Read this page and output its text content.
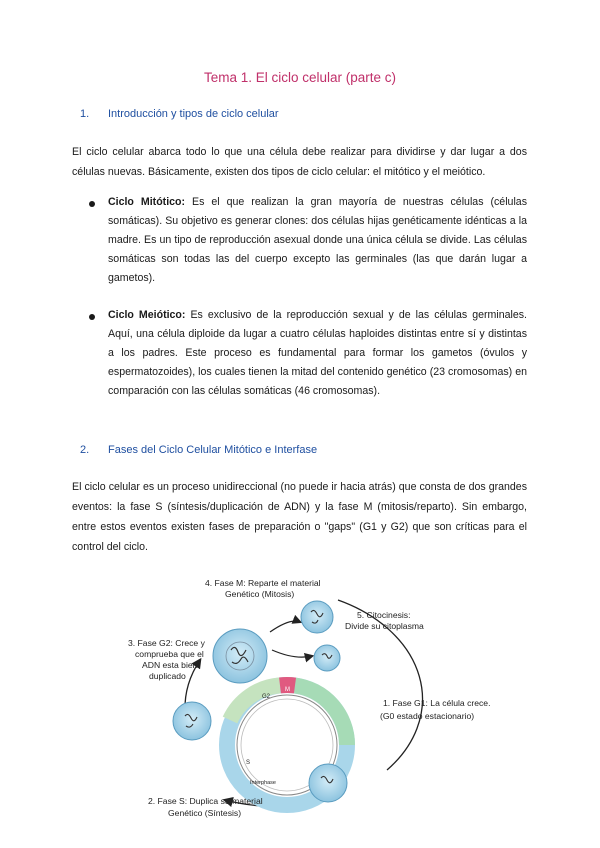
Tema 1. El ciclo celular (parte c)
1. Introducción y tipos de ciclo celular

El ciclo celular abarca todo lo que una célula debe realizar para dividirse y dar lugar a dos células nuevas. Básicamente, existen dos tipos de ciclo celular: el mitótico y el meiótico.

Ciclo Mitótico: Es el que realizan la gran mayoría de nuestras células (células somáticas). Su objetivo es generar clones: dos células hijas genéticamente idénticas a la madre. Es un tipo de reproducción asexual donde una única célula se divide. Las células somáticas son todas las del cuerpo excepto las germinales (las que darán lugar a gametos).

Ciclo Meiótico: Es exclusivo de la reproducción sexual y de las células germinales. Aquí, una célula diploide da lugar a cuatro células haploides distintas entre sí y distintas a los padres. Este proceso es fundamental para formar los gametos (óvulos y espermatozoides), los cuales tienen la mitad del contenido genético (23 cromosomas) en comparación con las células somáticas (46 cromosomas).

2. Fases del Ciclo Celular Mitótico e Interfase

El ciclo celular es un proceso unidireccional (no puede ir hacia atrás) que consta de dos grandes eventos: la fase S (síntesis/duplicación de ADN) y la fase M (mitosis/reparto). Sin embargo, entre estos eventos existen fases de preparación o "gaps" (G1 y G2) que son críticas para el control del ciclo.

G2
M
Interphase
S
4. Fase M: Reparte el material
Genético (Mitosis)
5. Citocinesis:
Divide su citoplasma
3. Fase G2: Crece y
comprueba que el
ADN esta bien
duplicado
1. Fase G1: La célula crece.
(G0 estado estacionario)
2. Fase S: Duplica su material
Genético (Síntesis)
